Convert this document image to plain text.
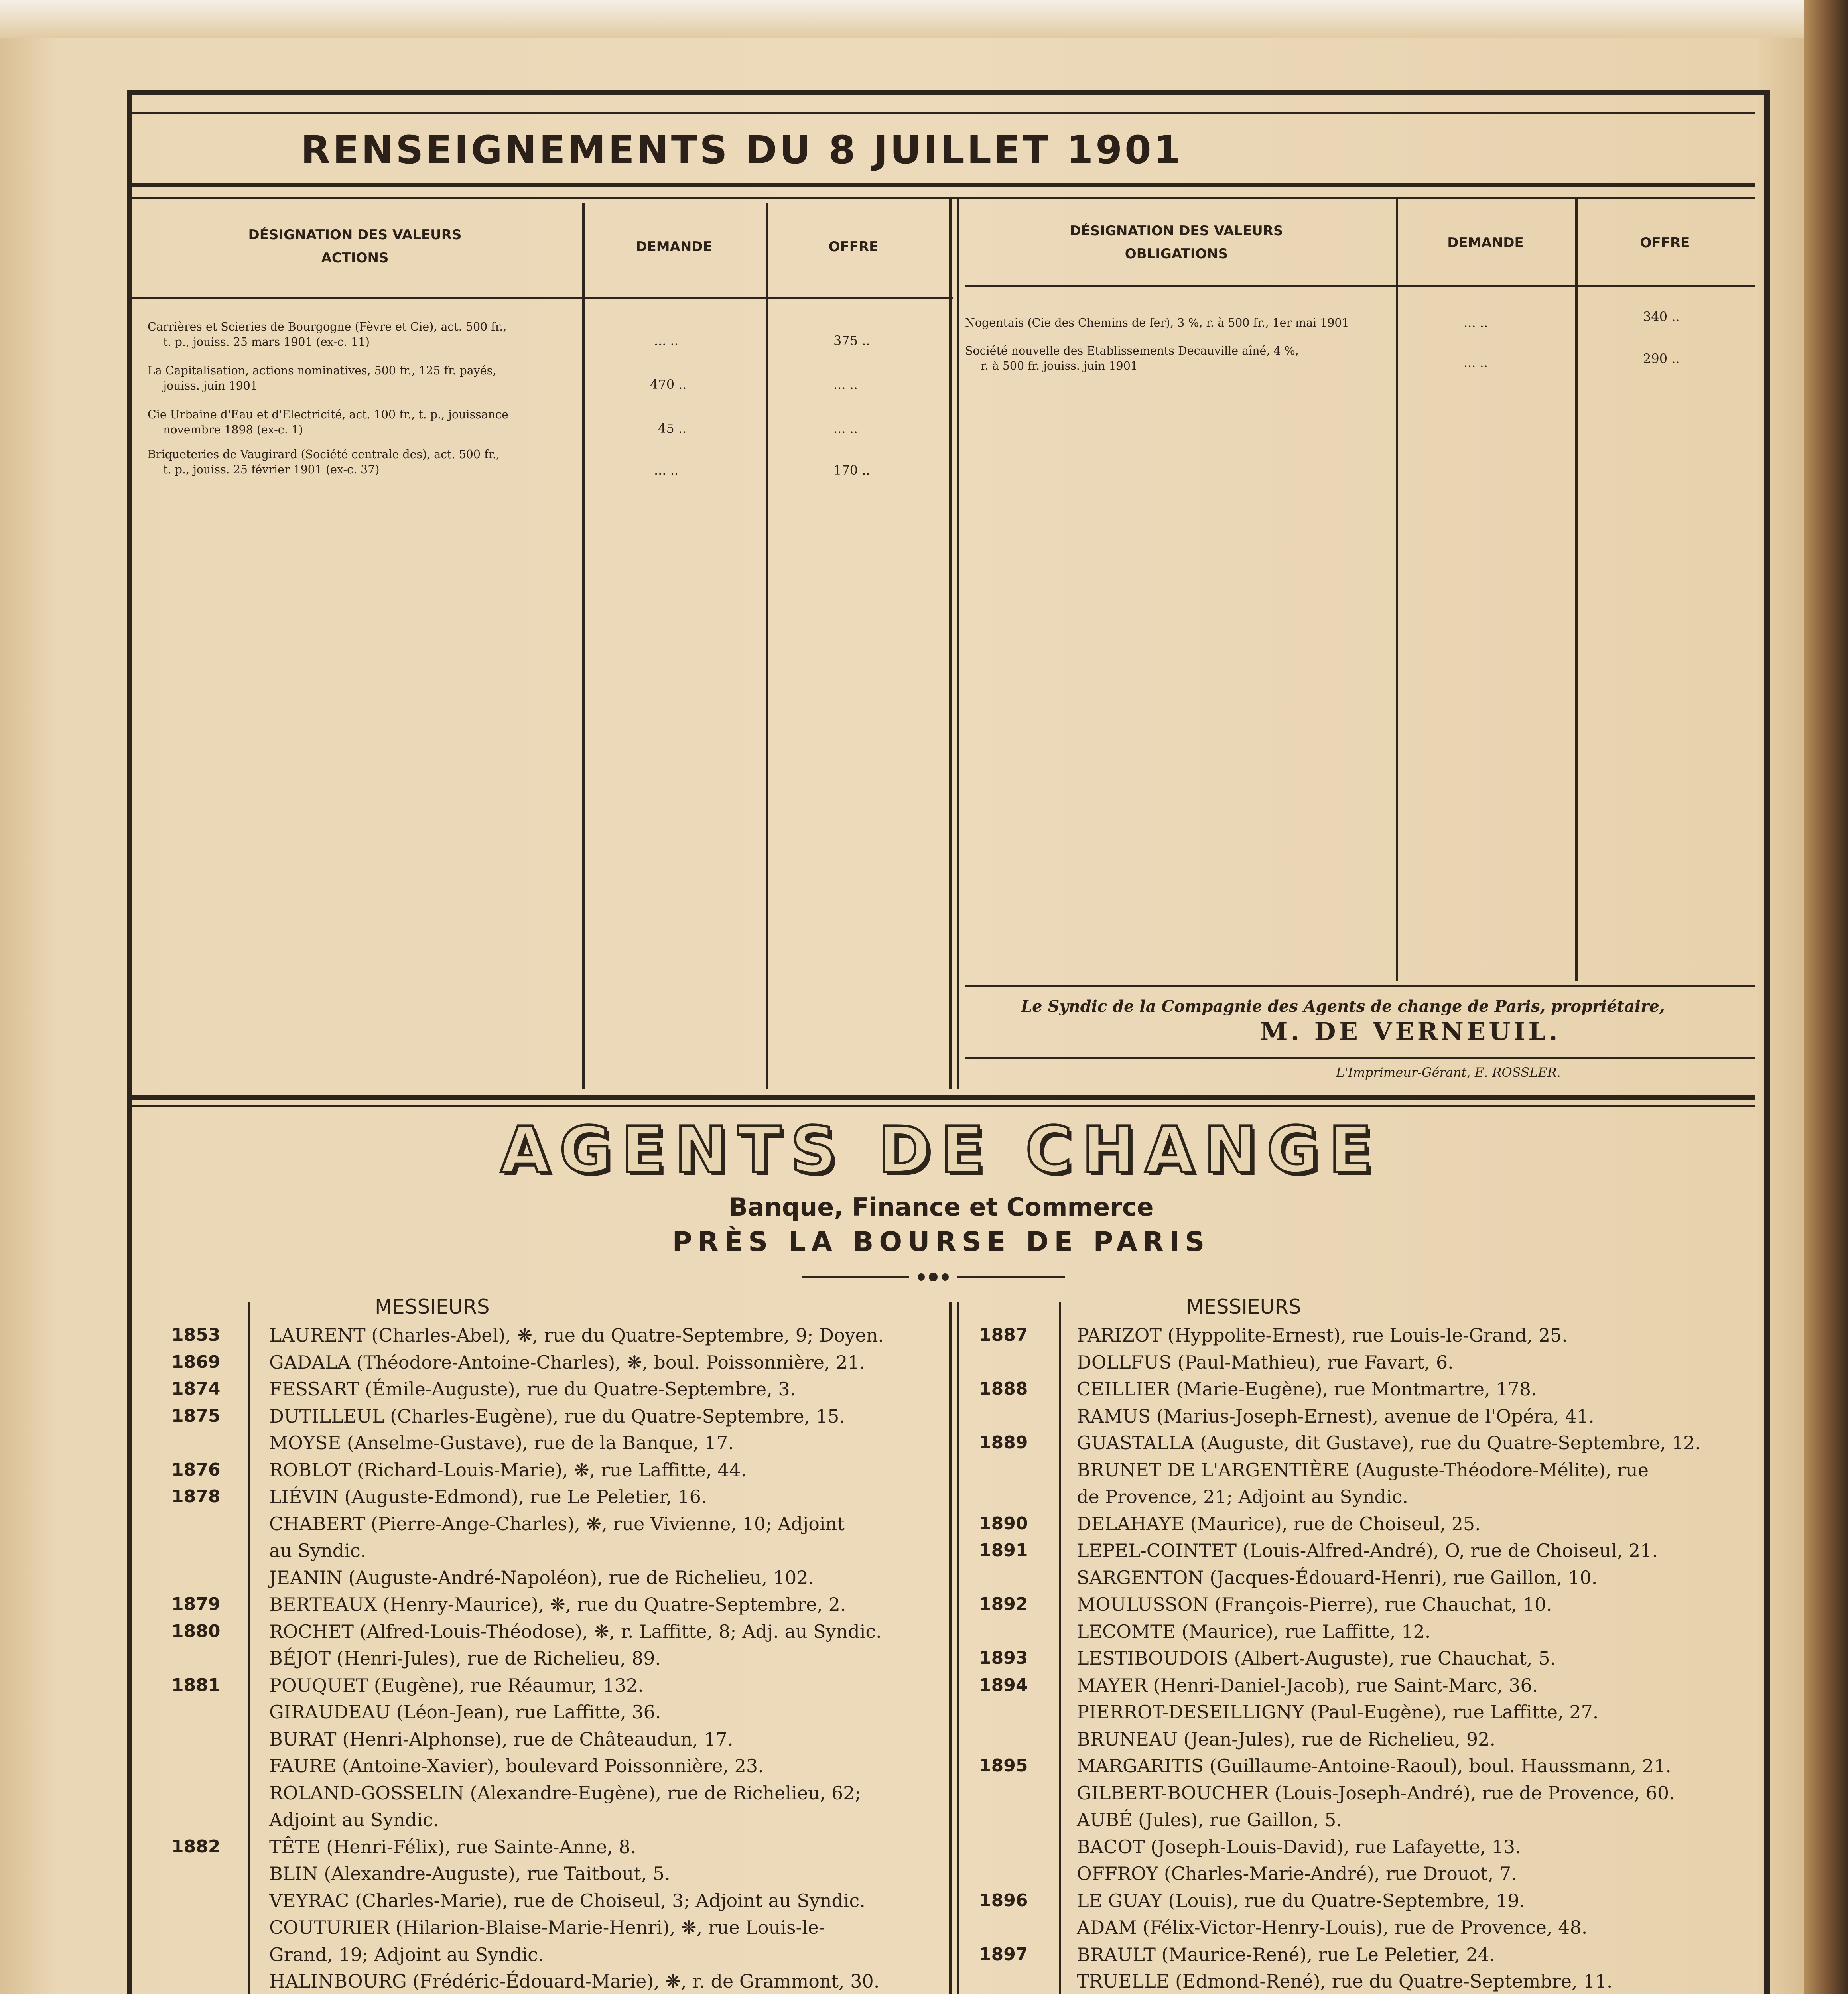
RENSEIGNEMENTS DU 8 JUILLET 1901
DÉSIGNATION DES VALEURS
ACTIONS
DEMANDE	OFFRE
DÉSIGNATION DES VALEURS
OBLIGATIONS
DEMANDE	OFFRE
Carrières et Scieries de Bourgogne (Fèvre et Cie), act. 500 fr.,
t. p., jouiss. 25 mars 1901 (ex-c. 11)	... ..	375 ..
La Capitalisation, actions nominatives, 500 fr., 125 fr. payés,
jouiss. juin 1901	470 ..	... ..
Cie Urbaine d'Eau et d'Electricité, act. 100 fr., t. p., jouissance
novembre 1898 (ex-c. 1)	45 ..	... ..
Briqueteries de Vaugirard (Société centrale des), act. 500 fr.,
t. p., jouiss. 25 février 1901 (ex-c. 37)	... ..	170 ..
Nogentais (Cie des Chemins de fer), 3 %, r. à 500 fr., 1er mai 1901	... ..	340 ..
Société nouvelle des Etablissements Decauville aîné, 4 %,
r. à 500 fr. jouiss. juin 1901	... ..	290 ..
Le Syndic de la Compagnie des Agents de change de Paris, propriétaire,
M. DE VERNEUIL.
L'Imprimeur-Gérant, E. ROSSLER.
AGENTS DE CHANGE
Banque, Finance et Commerce
PRÈS LA BOURSE DE PARIS
MESSIEURS	MESSIEURS
1853	LAURENT (Charles-Abel), ❋, rue du Quatre-Septembre, 9; Doyen.
1869	GADALA (Théodore-Antoine-Charles), ❋, boul. Poissonnière, 21.
1874	FESSART (Émile-Auguste), rue du Quatre-Septembre, 3.
1875	DUTILLEUL (Charles-Eugène), rue du Quatre-Septembre, 15.
MOYSE (Anselme-Gustave), rue de la Banque, 17.
1876	ROBLOT (Richard-Louis-Marie), ❋, rue Laffitte, 44.
1878	LIÉVIN (Auguste-Edmond), rue Le Peletier, 16.
CHABERT (Pierre-Ange-Charles), ❋, rue Vivienne, 10; Adjoint
au Syndic.
JEANIN (Auguste-André-Napoléon), rue de Richelieu, 102.
1879	BERTEAUX (Henry-Maurice), ❋, rue du Quatre-Septembre, 2.
1880	ROCHET (Alfred-Louis-Théodose), ❋, r. Laffitte, 8; Adj. au Syndic.
BÉJOT (Henri-Jules), rue de Richelieu, 89.
1881	POUQUET (Eugène), rue Réaumur, 132.
GIRAUDEAU (Léon-Jean), rue Laffitte, 36.
BURAT (Henri-Alphonse), rue de Châteaudun, 17.
FAURE (Antoine-Xavier), boulevard Poissonnière, 23.
ROLAND-GOSSELIN (Alexandre-Eugène), rue de Richelieu, 62;
Adjoint au Syndic.
1882	TÊTE (Henri-Félix), rue Sainte-Anne, 8.
BLIN (Alexandre-Auguste), rue Taitbout, 5.
VEYRAC (Charles-Marie), rue de Choiseul, 3; Adjoint au Syndic.
COUTURIER (Hilarion-Blaise-Marie-Henri), ❋, rue Louis-le-
Grand, 19; Adjoint au Syndic.
HALINBOURG (Frédéric-Édouard-Marie), ❋, r. de Grammont, 30.
1887	PARIZOT (Hyppolite-Ernest), rue Louis-le-Grand, 25.
DOLLFUS (Paul-Mathieu), rue Favart, 6.
1888	CEILLIER (Marie-Eugène), rue Montmartre, 178.
RAMUS (Marius-Joseph-Ernest), avenue de l'Opéra, 41.
1889	GUASTALLA (Auguste, dit Gustave), rue du Quatre-Septembre, 12.
BRUNET DE L'ARGENTIÈRE (Auguste-Théodore-Mélite), rue
de Provence, 21; Adjoint au Syndic.
1890	DELAHAYE (Maurice), rue de Choiseul, 25.
1891	LEPEL-COINTET (Louis-Alfred-André), O, rue de Choiseul, 21.
SARGENTON (Jacques-Édouard-Henri), rue Gaillon, 10.
1892	MOULUSSON (François-Pierre), rue Chauchat, 10.
LECOMTE (Maurice), rue Laffitte, 12.
1893	LESTIBOUDOIS (Albert-Auguste), rue Chauchat, 5.
1894	MAYER (Henri-Daniel-Jacob), rue Saint-Marc, 36.
PIERROT-DESEILLIGNY (Paul-Eugène), rue Laffitte, 27.
BRUNEAU (Jean-Jules), rue de Richelieu, 92.
1895	MARGARITIS (Guillaume-Antoine-Raoul), boul. Haussmann, 21.
GILBERT-BOUCHER (Louis-Joseph-André), rue de Provence, 60.
AUBÉ (Jules), rue Gaillon, 5.
BACOT (Joseph-Louis-David), rue Lafayette, 13.
OFFROY (Charles-Marie-André), rue Drouot, 7.
1896	LE GUAY (Louis), rue du Quatre-Septembre, 19.
ADAM (Félix-Victor-Henry-Louis), rue de Provence, 48.
1897	BRAULT (Maurice-René), rue Le Peletier, 24.
TRUELLE (Edmond-René), rue du Quatre-Septembre, 11.
